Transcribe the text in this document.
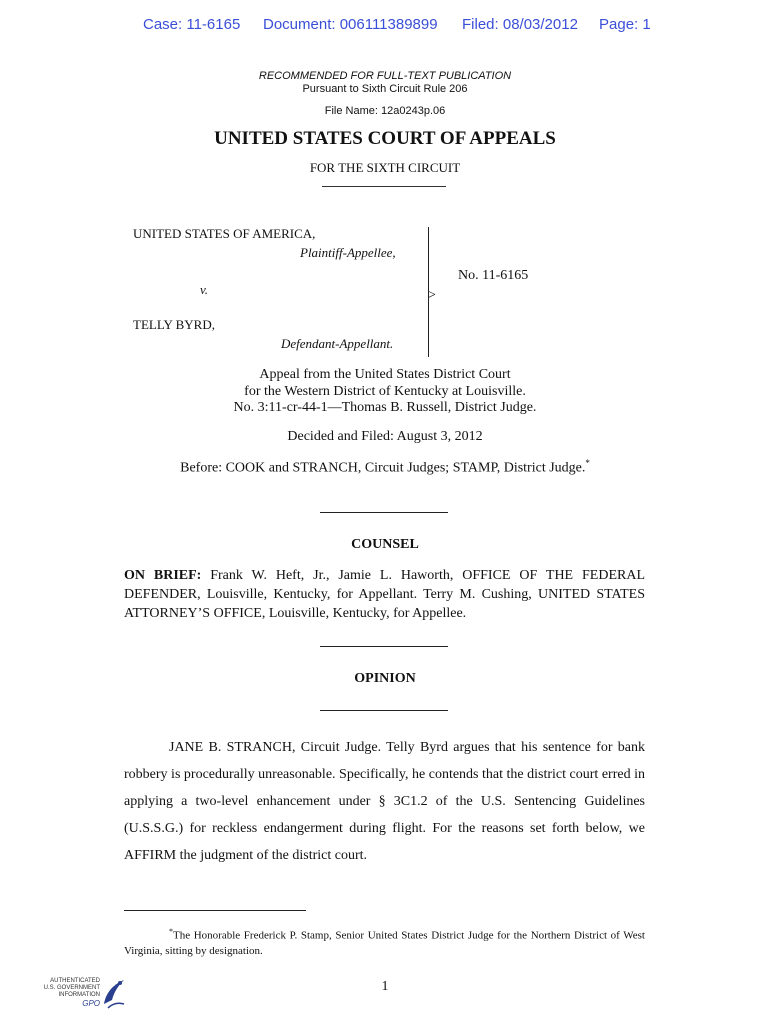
Case: 11-6165 Document: 006111389899 Filed: 08/03/2012 Page: 1
RECOMMENDED FOR FULL-TEXT PUBLICATION
Pursuant to Sixth Circuit Rule 206
File Name: 12a0243p.06
UNITED STATES COURT OF APPEALS
FOR THE SIXTH CIRCUIT
UNITED STATES OF AMERICA,
Plaintiff-Appellee,
v.
TELLY BYRD,
Defendant-Appellant.
>
No. 11-6165
Appeal from the United States District Court
for the Western District of Kentucky at Louisville.
No. 3:11-cr-44-1—Thomas B. Russell, District Judge.
Decided and Filed: August 3, 2012
Before: COOK and STRANCH, Circuit Judges; STAMP, District Judge.*
COUNSEL
ON BRIEF: Frank W. Heft, Jr., Jamie L. Haworth, OFFICE OF THE FEDERAL DEFENDER, Louisville, Kentucky, for Appellant. Terry M. Cushing, UNITED STATES ATTORNEY’S OFFICE, Louisville, Kentucky, for Appellee.
OPINION
JANE B. STRANCH, Circuit Judge. Telly Byrd argues that his sentence for bank robbery is procedurally unreasonable. Specifically, he contends that the district court erred in applying a two-level enhancement under § 3C1.2 of the U.S. Sentencing Guidelines (U.S.S.G.) for reckless endangerment during flight. For the reasons set forth below, we AFFIRM the judgment of the district court.
*The Honorable Frederick P. Stamp, Senior United States District Judge for the Northern District of West Virginia, sitting by designation.
1
AUTHENTICATED
U.S. GOVERNMENT
INFORMATION
GPO
